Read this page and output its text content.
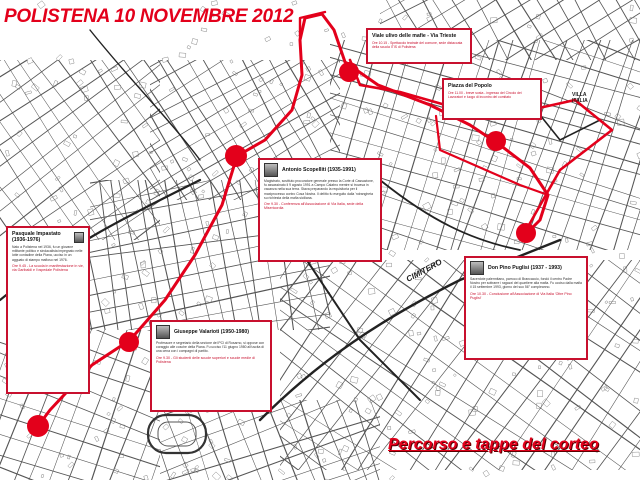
VILLA
ITALIA
CIMITERO
POLISTENA 10 NOVEMBRE 2012
Viale ulivo delle mafie - Via Trieste
Ore 10.15 - Spettacolo teatrale del comune, sede distaccata della scuola ITIS di Polistena
Piazza del Popolo
Ore 11.00 - breve sosta - ingresso del Circolo dei Lavoratori e luogo di incontro del comitato
Antonio Scopelliti (1935-1991)
Magistrato, sostituto procuratore generale presso la Corte di Cassazione, fu assassinato il 9 agosto 1991 a Campo Calabro mentre si trovava in vacanza nella sua terra. Stava preparando la requisitoria per il maxiprocesso contro Cosa Nostra. Il delitto fu eseguito dalla 'ndrangheta su richiesta della mafia siciliana.
Ore 9.30 - Conferenza all'Associazione di Via Italia, sede della Misericordia
Pasquale Impastato (1936-1976)
Nato a Polistena nel 1936, fu un giovane militante politico e sindacalista impegnato nelle lotte contadine della Piana, ucciso in un agguato di stampo mafioso nel 1976.
Ore 9.45 - La scuola in manifestazione in vie, via Garibaldi e l'ospedale Polistena
Giuseppe Valarioti (1950-1980)
Professore e segretario della sezione del PCI di Rosarno, si oppose con coraggio alle cosche della Piana. Fu ucciso l'11 giugno 1980 all'uscita di una cena con i compagni di partito.
Ore 9.30 - Gli studenti delle scuole superiori e scuole medie di Polistena
Don Pino Puglisi (1937 - 1993)
Sacerdote palermitano, parroco di Brancaccio, fondò il centro Padre Nostro per sottrarre i ragazzi del quartiere alla mafia. Fu ucciso dalla mafia il 15 settembre 1993, giorno del suo 56° compleanno.
Ore 10.30 - Conclusione all'Associazione di Via Italia 'Oltre Pino Puglisi'
Percorso e tappe del corteo
